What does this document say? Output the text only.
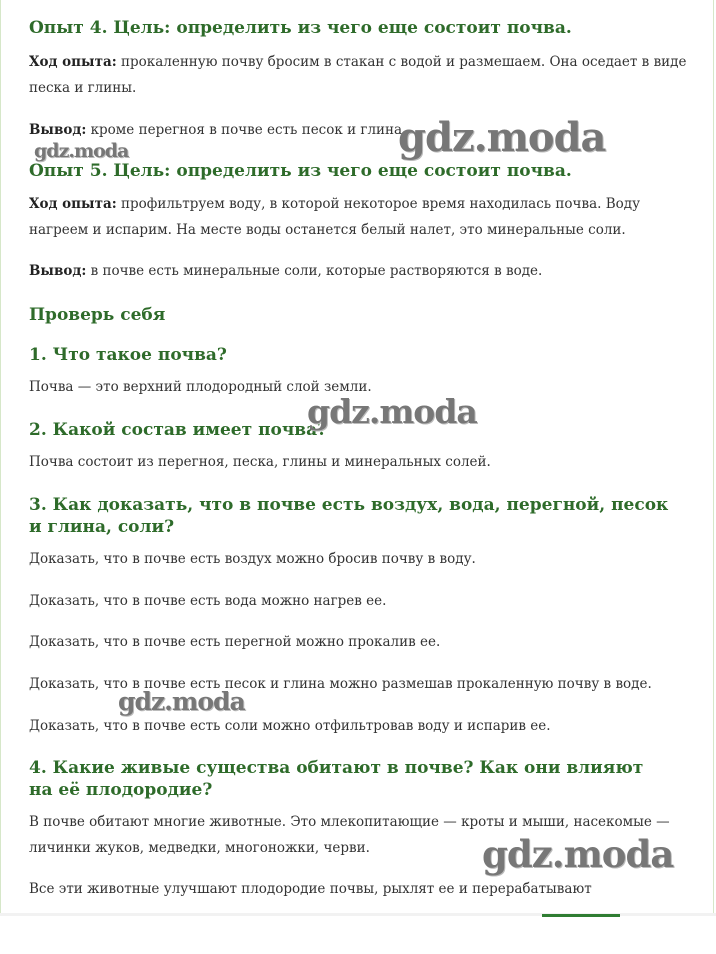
Опыт 4. Цель: определить из чего еще состоит почва.

Ход опыта: прокаленную почву бросим в стакан с водой и размешаем. Она оседает в виде песка и глины.

Вывод: кроме перегноя в почве есть песок и глина.

Опыт 5. Цель: определить из чего еще состоит почва.

Ход опыта: профильтруем воду, в которой некоторое время находилась почва. Воду нагреем и испарим. На месте воды останется белый налет, это минеральные соли.

Вывод: в почве есть минеральные соли, которые растворяются в воде.

Проверь себя
1. Что такое почва?

Почва — это верхний плодородный слой земли.

2. Какой состав имеет почва?

Почва состоит из перегноя, песка, глины и минеральных солей.

3. Как доказать, что в почве есть воздух, вода, перегной, песок и глина, соли?

Доказать, что в почве есть воздух можно бросив почву в воду.

Доказать, что в почве есть вода можно нагрев ее.

Доказать, что в почве есть перегной можно прокалив ее.

Доказать, что в почве есть песок и глина можно размешав прокаленную почву в воде.

Доказать, что в почве есть соли можно отфильтровав воду и испарив ее.

4. Какие живые существа обитают в почве? Как они влияют на её плодородие?

В почве обитают многие животные. Это млекопитающие — кроты и мыши, насекомые — личинки жуков, медведки, многоножки, черви.

Все эти животные улучшают плодородие почвы, рыхлят ее и перерабатывают

gdz.moda
gdz.moda
gdz.moda
gdz.moda
gdz.moda
